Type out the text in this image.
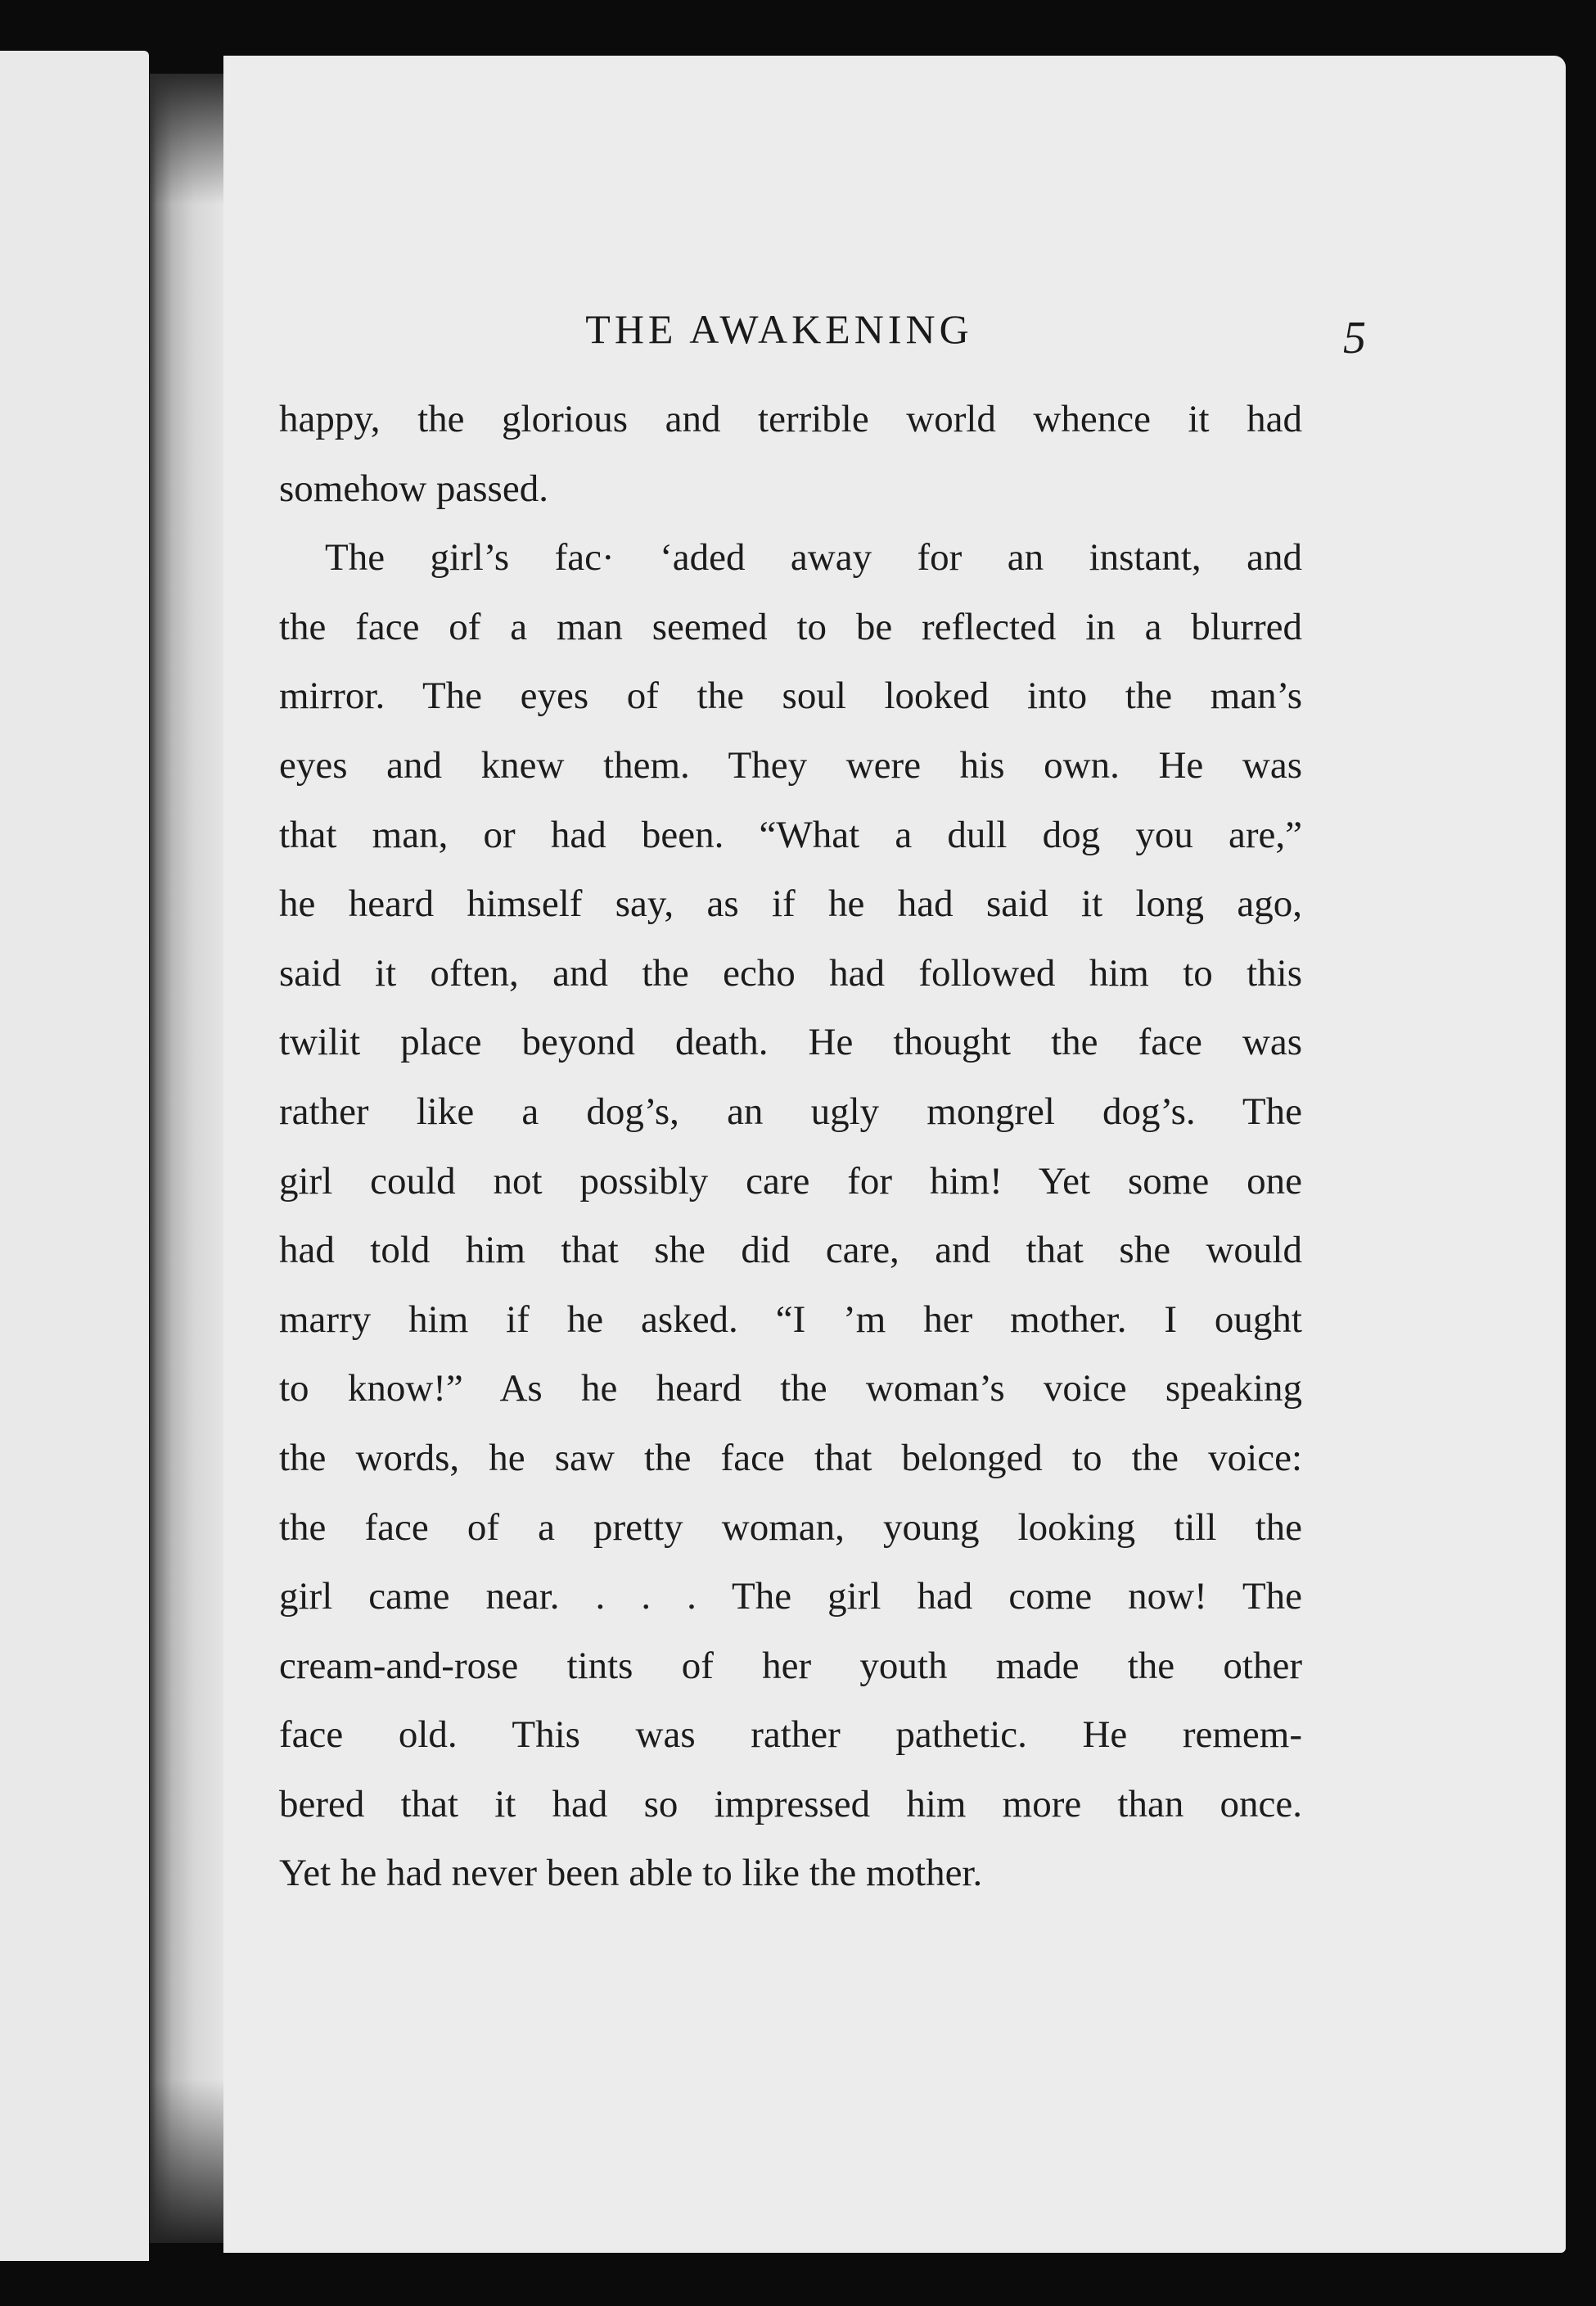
THE AWAKENING	5
happy, the glorious and terrible world whence it had
somehow passed.
The girl’s fac· ‘aded away for an instant, and
the face of a man seemed to be reflected in a blurred
mirror. The eyes of the soul looked into the man’s
eyes and knew them. They were his own. He was
that man, or had been. “What a dull dog you are,”
he heard himself say, as if he had said it long ago,
said it often, and the echo had followed him to this
twilit place beyond death. He thought the face was
rather like a dog’s, an ugly mongrel dog’s. The
girl could not possibly care for him! Yet some one
had told him that she did care, and that she would
marry him if he asked. “I ’m her mother. I ought
to know!” As he heard the woman’s voice speaking
the words, he saw the face that belonged to the voice:
the face of a pretty woman, young looking till the
girl came near. . . . The girl had come now! The
cream-and-rose tints of her youth made the other
face old. This was rather pathetic. He remem-
bered that it had so impressed him more than once.
Yet he had never been able to like the mother.
